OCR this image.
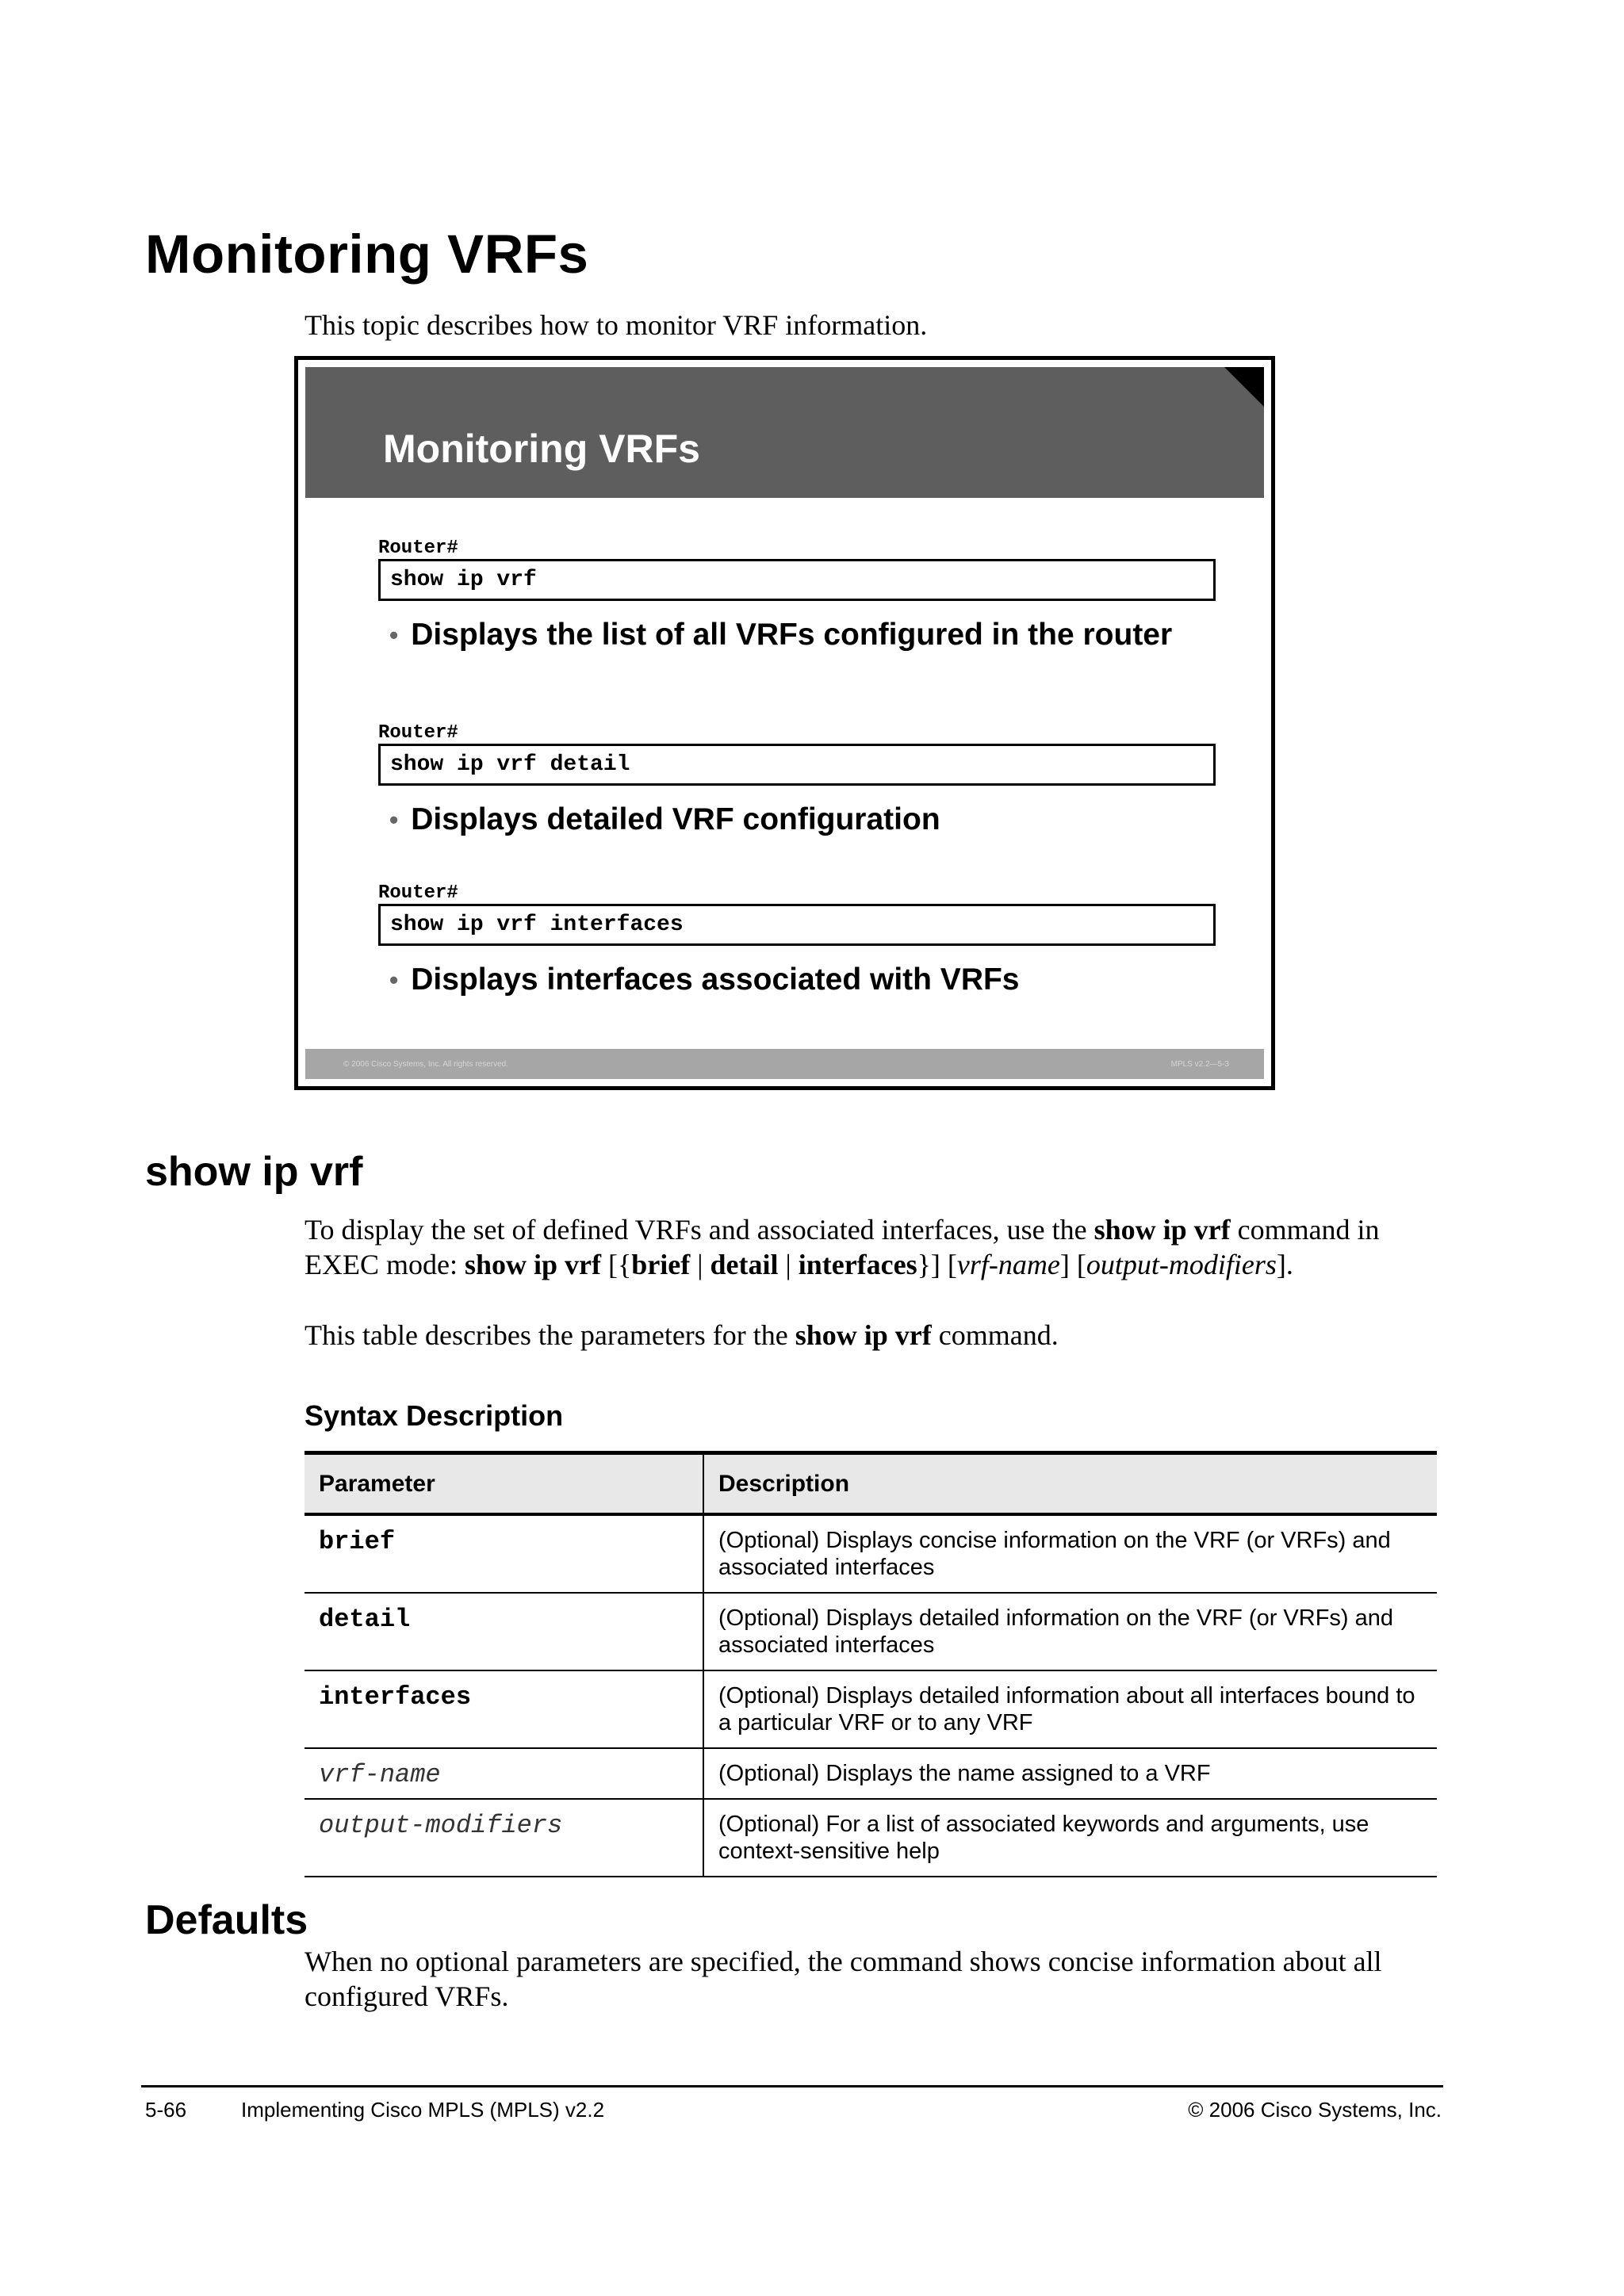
Monitoring VRFs
This topic describes how to monitor VRF information.
Monitoring VRFs
Router#
show ip vrf
• Displays the list of all VRFs configured in the router
Router#
show ip vrf detail
• Displays detailed VRF configuration
Router#
show ip vrf interfaces
• Displays interfaces associated with VRFs
© 2006 Cisco Systems, Inc. All rights reserved.	MPLS v2.2—5-3
show ip vrf
To display the set of defined VRFs and associated interfaces, use the show ip vrf command in EXEC mode: show ip vrf [{brief | detail | interfaces}] [vrf-name] [output-modifiers].
This table describes the parameters for the show ip vrf command.
Syntax Description
Parameter	Description
brief	(Optional) Displays concise information on the VRF (or VRFs) and associated interfaces
detail	(Optional) Displays detailed information on the VRF (or VRFs) and associated interfaces
interfaces	(Optional) Displays detailed information about all interfaces bound to a particular VRF or to any VRF
vrf-name	(Optional) Displays the name assigned to a VRF
output-modifiers	(Optional) For a list of associated keywords and arguments, use context-sensitive help
Defaults
When no optional parameters are specified, the command shows concise information about all configured VRFs.
5-66	Implementing Cisco MPLS (MPLS) v2.2	© 2006 Cisco Systems, Inc.
